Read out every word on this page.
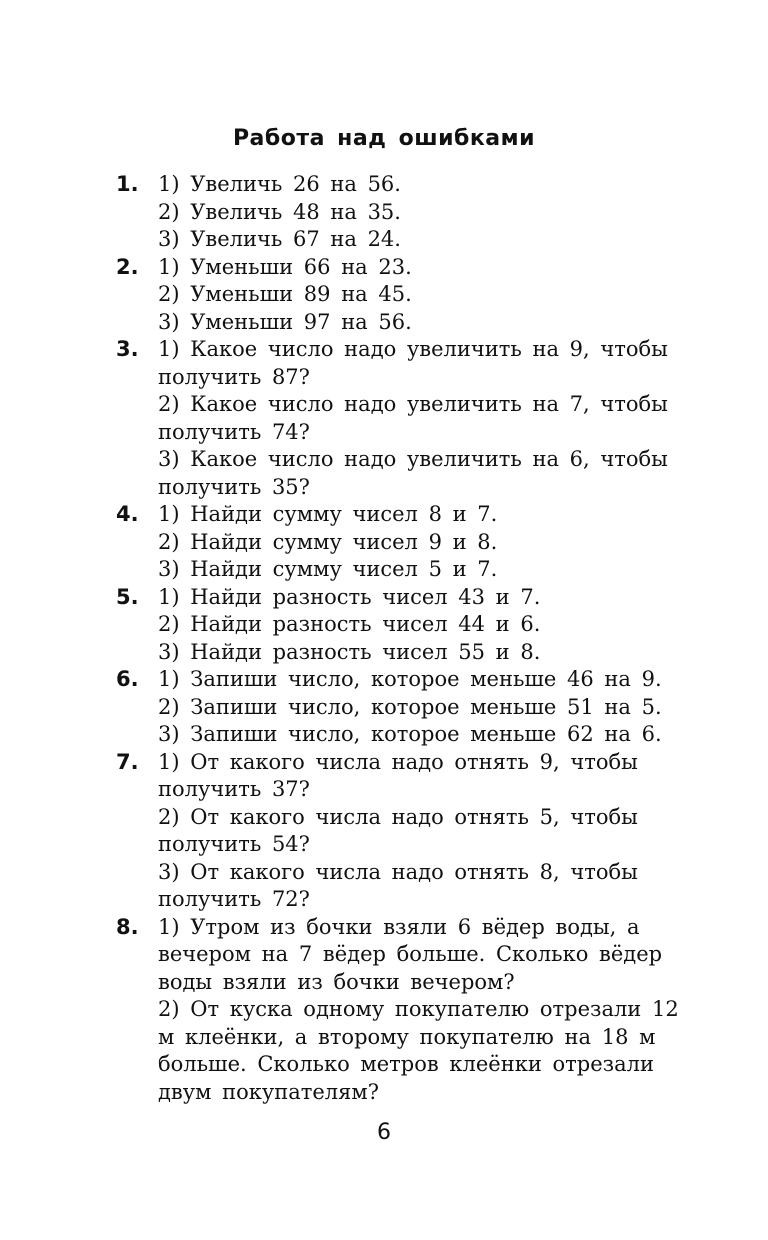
Работа над ошибками
1. 1) Увеличь 26 на 56.
2) Увеличь 48 на 35.
3) Увеличь 67 на 24.
2. 1) Уменьши 66 на 23.
2) Уменьши 89 на 45.
3) Уменьши 97 на 56.
3. 1) Какое число надо увеличить на 9, чтобы получить 87?
2) Какое число надо увеличить на 7, чтобы получить 74?
3) Какое число надо увеличить на 6, чтобы получить 35?
4. 1) Найди сумму чисел 8 и 7.
2) Найди сумму чисел 9 и 8.
3) Найди сумму чисел 5 и 7.
5. 1) Найди разность чисел 43 и 7.
2) Найди разность чисел 44 и 6.
3) Найди разность чисел 55 и 8.
6. 1) Запиши число, которое меньше 46 на 9.
2) Запиши число, которое меньше 51 на 5.
3) Запиши число, которое меньше 62 на 6.
7. 1) От какого числа надо отнять 9, чтобы получить 37?
2) От какого числа надо отнять 5, чтобы получить 54?
3) От какого числа надо отнять 8, чтобы получить 72?
8. 1) Утром из бочки взяли 6 вёдер воды, а вечером на 7 вёдер больше. Сколько вёдер воды взяли из бочки вечером?
2) От куска одному покупателю отрезали 12 м клеёнки, а второму покупателю на 18 м больше. Сколько метров клеёнки отрезали двум покупателям?
6
